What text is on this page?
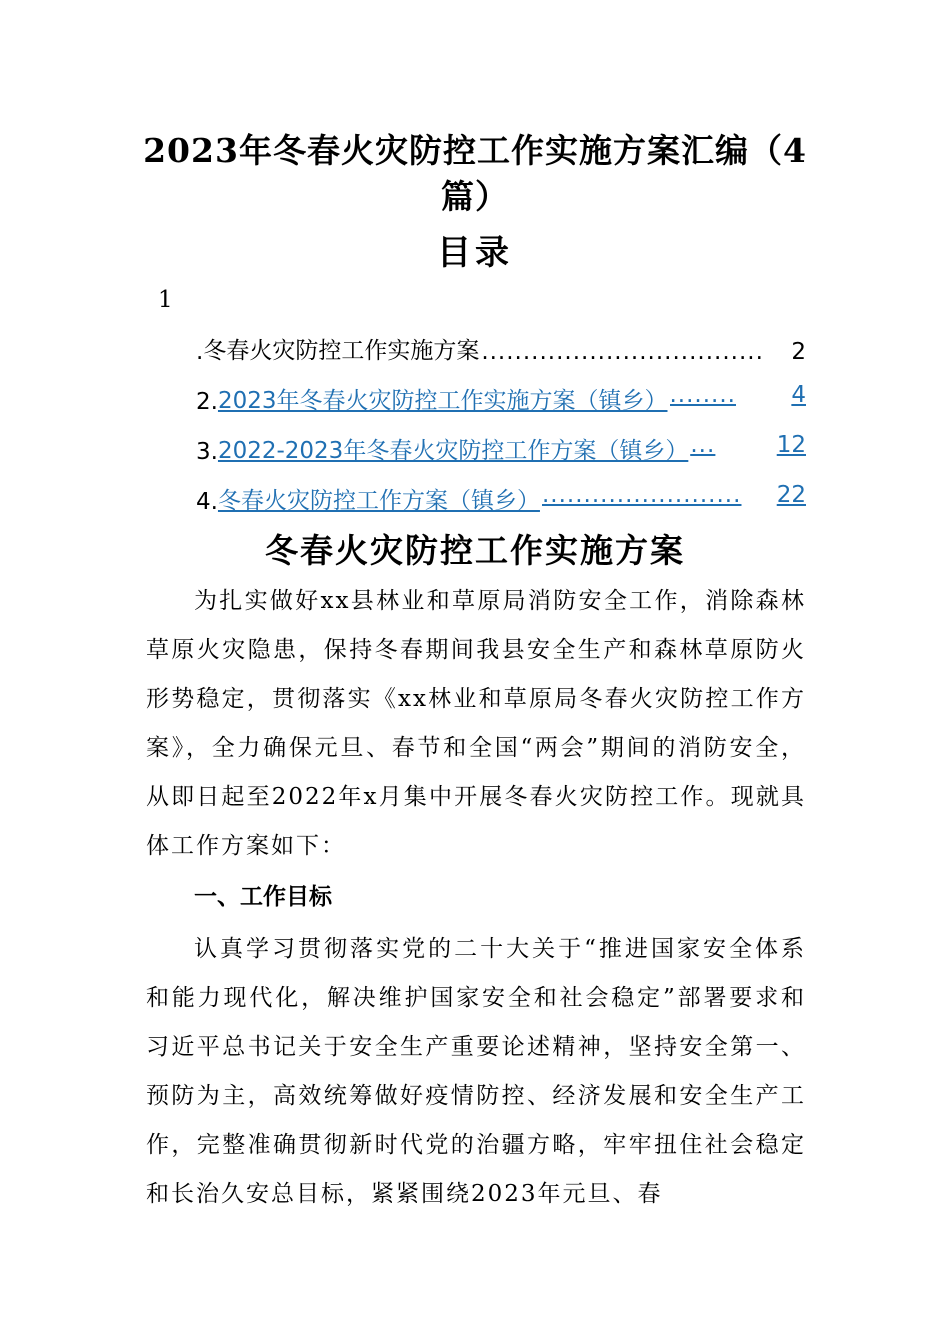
2023年冬春火灾防控工作实施方案汇编（4篇）
目录
1
. 冬春火灾防控工作实施方案 ..................................	2
2. 2023年冬春火灾防控工作实施方案（镇乡） ........	4
3. 2022-2023年冬春火灾防控工作方案（镇乡） ...	12
4. 冬春火灾防控工作方案（镇乡） ........................	22
冬春火灾防控工作实施方案
为扎实做好xx县林业和草原局消防安全工作，消除森林草原火灾隐患，保持冬春期间我县安全生产和森林草原防火形势稳定，贯彻落实《xx林业和草原局冬春火灾防控工作方案》，全力确保元旦、春节和全国“两会”期间的消防安全，从即日起至2022年x月集中开展冬春火灾防控工作。现就具体工作方案如下：
一、工作目标
认真学习贯彻落实党的二十大关于“推进国家安全体系和能力现代化，解决维护国家安全和社会稳定”部署要求和习近平总书记关于安全生产重要论述精神，坚持安全第一、预防为主，高效统筹做好疫情防控、经济发展和安全生产工作，完整准确贯彻新时代党的治疆方略，牢牢扭住社会稳定和长治久安总目标，紧紧围绕2023年元旦、春
